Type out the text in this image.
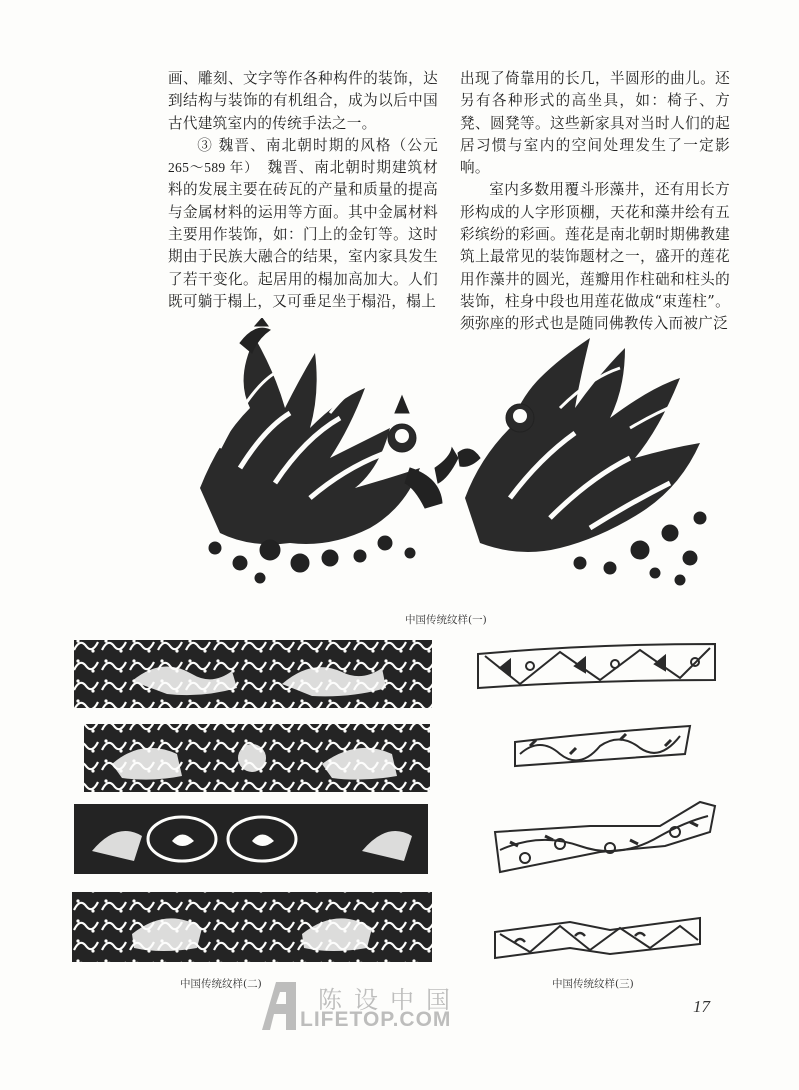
画、雕刻、文字等作各种构件的装饰，达到结构与装饰的有机组合，成为以后中国古代建筑室内的传统手法之一。

③ 魏晋、南北朝时期的风格（公元265～589 年）　 魏晋、南北朝时期建筑材料的发展主要在砖瓦的产量和质量的提高与金属材料的运用等方面。其中金属材料主要用作装饰，如：门上的金钉等。这时期由于民族大融合的结果，室内家具发生了若干变化。起居用的榻加高加大。人们既可躺于榻上，又可垂足坐于榻沿，榻上

出现了倚靠用的长几，半圆形的曲儿。还另有各种形式的高坐具，如：椅子、方凳、圆凳等。这些新家具对当时人们的起居习惯与室内的空间处理发生了一定影响。

室内多数用覆斗形藻井，还有用长方形构成的人字形顶棚，天花和藻井绘有五彩缤纷的彩画。莲花是南北朝时期佛教建筑上最常见的装饰题材之一，盛开的莲花用作藻井的圆光，莲瓣用作柱础和柱头的装饰，柱身中段也用莲花做成“束莲柱”。须弥座的形式也是随同佛教传入而被广泛

中国传统纹样(一)
中国传统纹样(二)	中国传统纹样(三)
陈设中国
LIFETOP.COM
17
